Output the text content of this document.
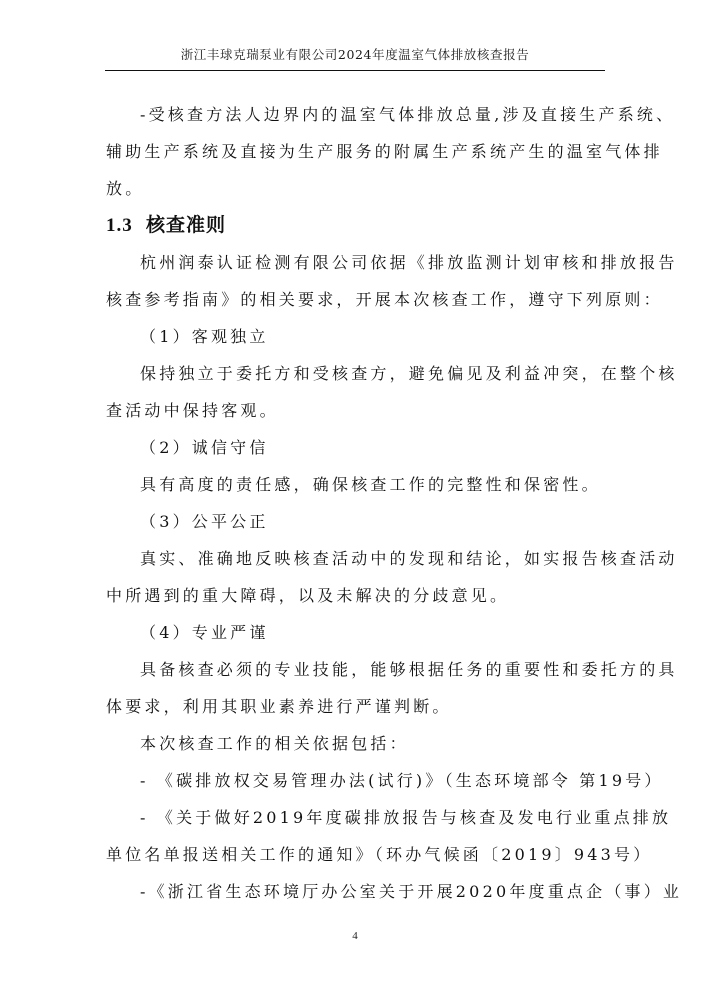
浙江丰球克瑞泵业有限公司2024年度温室气体排放核查报告
-受核查方法人边界内的温室气体排放总量,涉及直接生产系统、
辅助生产系统及直接为生产服务的附属生产系统产生的温室气体排
放。
1.3 核查准则
杭州润泰认证检测有限公司依据《排放监测计划审核和排放报告
核查参考指南》的相关要求，开展本次核查工作，遵守下列原则：
（1）客观独立
保持独立于委托方和受核查方，避免偏见及利益冲突，在整个核
查活动中保持客观。
（2）诚信守信
具有高度的责任感，确保核查工作的完整性和保密性。
（3）公平公正
真实、准确地反映核查活动中的发现和结论，如实报告核查活动
中所遇到的重大障碍，以及未解决的分歧意见。
（4）专业严谨
具备核查必须的专业技能，能够根据任务的重要性和委托方的具
体要求，利用其职业素养进行严谨判断。
本次核查工作的相关依据包括：
- 《碳排放权交易管理办法(试行)》（生态环境部令 第19号）
- 《关于做好2019年度碳排放报告与核查及发电行业重点排放
单位名单报送相关工作的通知》（环办气候函〔2019〕943号）
-《浙江省生态环境厅办公室关于开展2020年度重点企（事）业
4
